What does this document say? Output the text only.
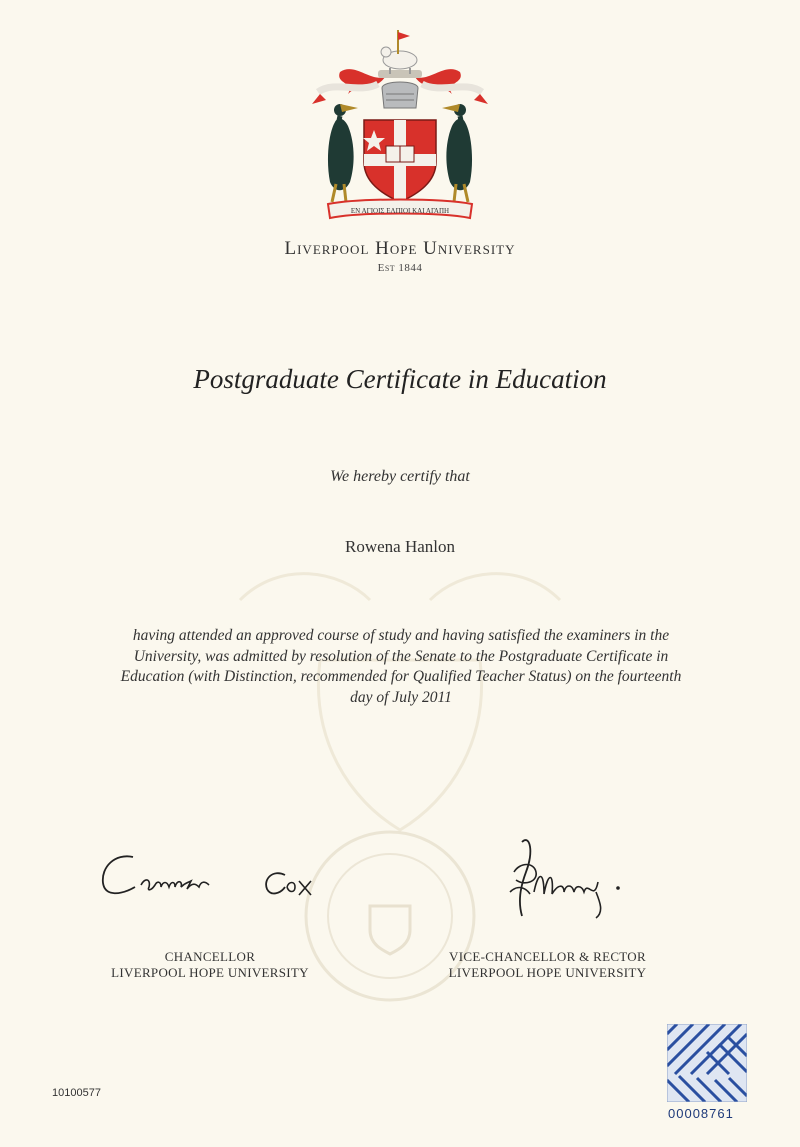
ΕΝ ΑΓΙΟΙΣ ΕΛΠΙΟΙ ΚΑΙ ΑΓΑΠΗ
Liverpool Hope University
Est 1844
Postgraduate Certificate in Education
We hereby certify that
Rowena Hanlon
having attended an approved course of study and having satisfied the examiners in the
University, was admitted by resolution of the Senate to the Postgraduate Certificate in
Education (with Distinction, recommended for Qualified Teacher Status) on the fourteenth
day of July 2011
CHANCELLOR
LIVERPOOL HOPE UNIVERSITY
VICE-CHANCELLOR & RECTOR
LIVERPOOL HOPE UNIVERSITY
10100577
00008761
